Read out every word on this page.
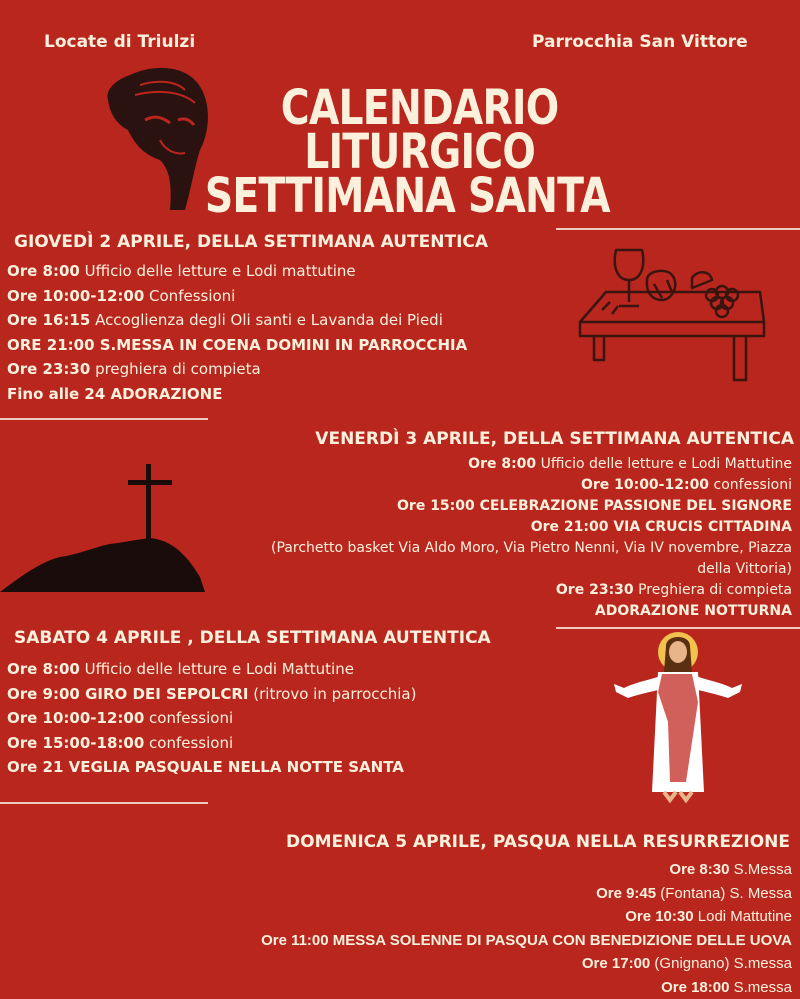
Locate di Triulzi	Parrocchia San Vittore
CALENDARIO LITURGICO
SETTIMANA SANTA
GIOVEDÌ 2 APRILE, DELLA SETTIMANA AUTENTICA
Ore 8:00 Ufficio delle letture e Lodi mattutine
Ore 10:00-12:00 Confessioni
Ore 16:15 Accoglienza degli Oli santi e Lavanda dei Piedi
ORE 21:00 S.MESSA IN COENA DOMINI IN PARROCCHIA
Ore 23:30 preghiera di compieta
Fino alle 24 ADORAZIONE
VENERDÌ 3 APRILE, DELLA SETTIMANA AUTENTICA
Ore 8:00 Ufficio delle letture e Lodi Mattutine
Ore 10:00-12:00 confessioni
Ore 15:00 CELEBRAZIONE PASSIONE DEL SIGNORE
Ore 21:00 VIA CRUCIS CITTADINA
(Parchetto basket Via Aldo Moro, Via Pietro Nenni, Via IV novembre, Piazza
della Vittoria)
Ore 23:30 Preghiera di compieta
ADORAZIONE NOTTURNA
SABATO 4 APRILE , DELLA SETTIMANA AUTENTICA
Ore 8:00 Ufficio delle letture e Lodi Mattutine
Ore 9:00 GIRO DEI SEPOLCRI (ritrovo in parrocchia)
Ore 10:00-12:00 confessioni
Ore 15:00-18:00 confessioni
Ore 21 VEGLIA PASQUALE NELLA NOTTE SANTA
DOMENICA 5 APRILE, PASQUA NELLA RESURREZIONE
Ore 8:30 S.Messa
Ore 9:45 (Fontana) S. Messa
Ore 10:30 Lodi Mattutine
Ore 11:00 MESSA SOLENNE DI PASQUA CON BENEDIZIONE DELLE UOVA
Ore 17:00 (Gnignano) S.messa
Ore 18:00 S.messa
